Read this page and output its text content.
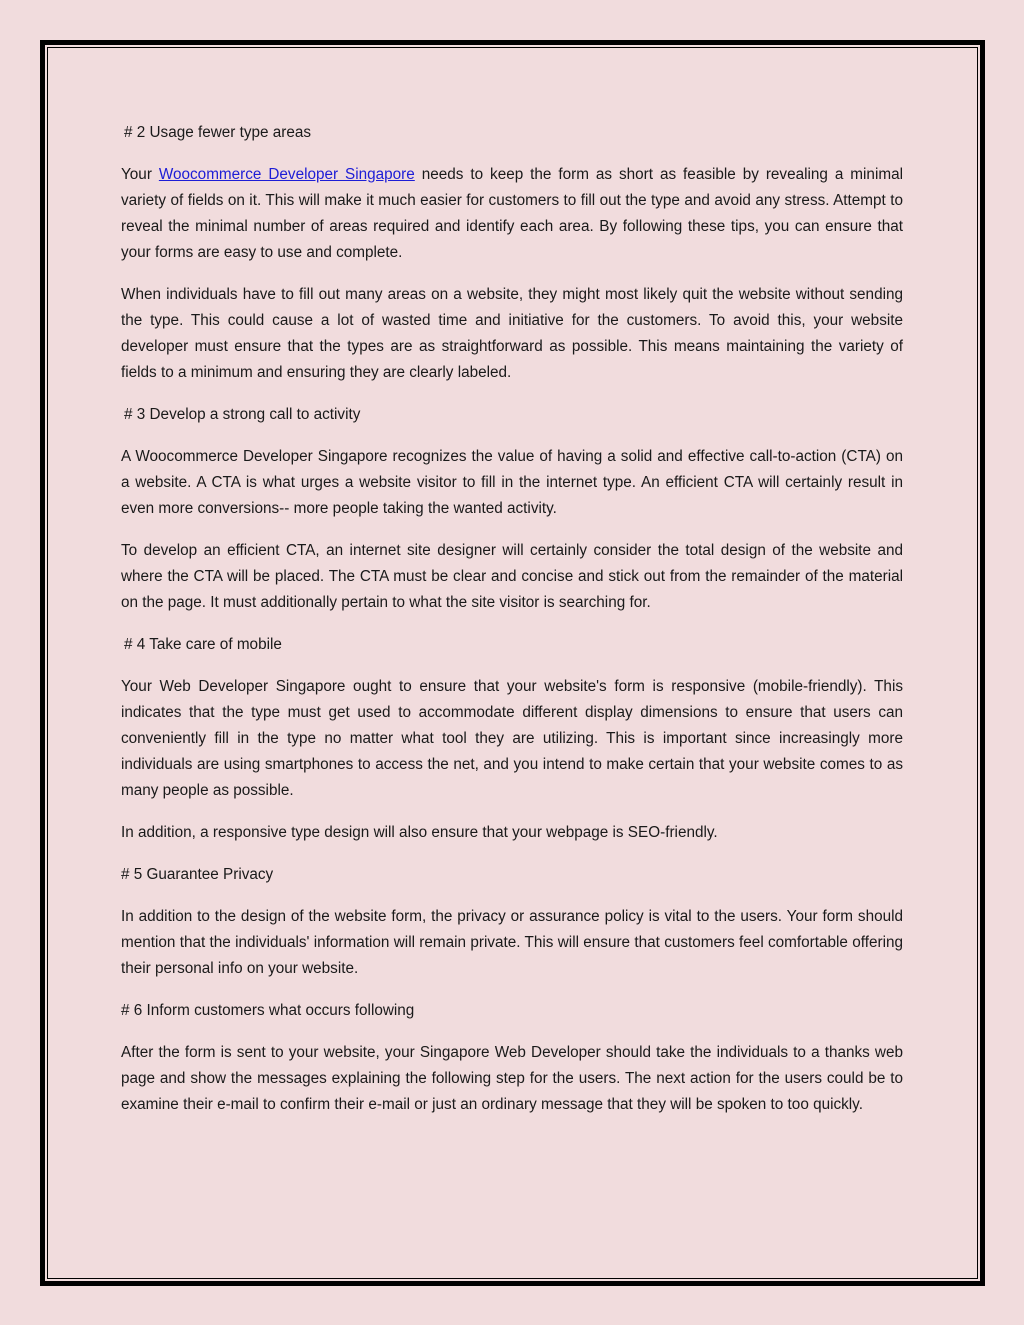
# 2 Usage fewer type areas
Your Woocommerce Developer Singapore needs to keep the form as short as feasible by revealing a minimal variety of fields on it. This will make it much easier for customers to fill out the type and avoid any stress. Attempt to reveal the minimal number of areas required and identify each area. By following these tips, you can ensure that your forms are easy to use and complete.
When individuals have to fill out many areas on a website, they might most likely quit the website without sending the type. This could cause a lot of wasted time and initiative for the customers. To avoid this, your website developer must ensure that the types are as straightforward as possible. This means maintaining the variety of fields to a minimum and ensuring they are clearly labeled.
# 3 Develop a strong call to activity
A Woocommerce Developer Singapore recognizes the value of having a solid and effective call-to-action (CTA) on a website. A CTA is what urges a website visitor to fill in the internet type. An efficient CTA will certainly result in even more conversions-- more people taking the wanted activity.
To develop an efficient CTA, an internet site designer will certainly consider the total design of the website and where the CTA will be placed. The CTA must be clear and concise and stick out from the remainder of the material on the page. It must additionally pertain to what the site visitor is searching for.
# 4 Take care of mobile
Your Web Developer Singapore ought to ensure that your website's form is responsive (mobile-friendly). This indicates that the type must get used to accommodate different display dimensions to ensure that users can conveniently fill in the type no matter what tool they are utilizing. This is important since increasingly more individuals are using smartphones to access the net, and you intend to make certain that your website comes to as many people as possible.
In addition, a responsive type design will also ensure that your webpage is SEO-friendly.
# 5 Guarantee Privacy
In addition to the design of the website form, the privacy or assurance policy is vital to the users. Your form should mention that the individuals' information will remain private. This will ensure that customers feel comfortable offering their personal info on your website.
# 6 Inform customers what occurs following
After the form is sent to your website, your Singapore Web Developer should take the individuals to a thanks web page and show the messages explaining the following step for the users. The next action for the users could be to examine their e-mail to confirm their e-mail or just an ordinary message that they will be spoken to too quickly.
